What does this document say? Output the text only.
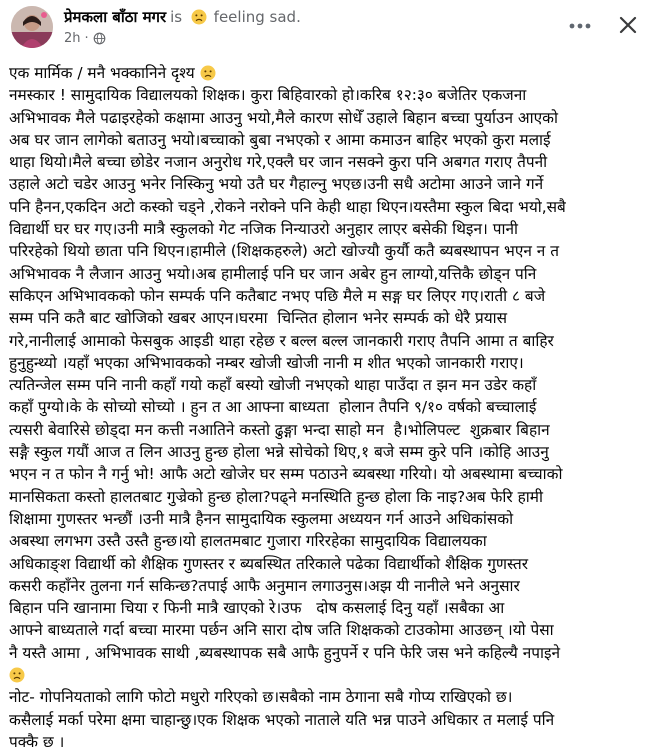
प्रेमकला बाँठा मगर is feeling sad.
2h ·
एक मार्मिक / मनै भक्कानिने दृश्य
नमस्कार ! सामुदायिक विद्यालयको शिक्षक। कुरा बिहिवारको हो।करिब १२:३० बजेतिर एकजना
अभिभावक मैले पढाइरहेको कक्षामा आउनु भयो,मैले कारण सोधेँ उहाले बिहान बच्चा पुर्याउन आएको
अब घर जान लागेको बताउनु भयो।बच्चाको बुबा नभएको र आमा कमाउन बाहिर भएको कुरा मलाई
थाहा थियो।मैले बच्चा छोडेर नजान अनुरोध गरे,एक्लै घर जान नसक्ने कुरा पनि अबगत गराए तैपनी
उहाले अटो चडेर आउनु भनेर निस्किनु भयो उतै घर गैहाल्नु भएछ।उनी सधै अटोमा आउने जाने गर्ने
पनि हैनन,एकदिन अटो कस्को चड्ने ,रोकने नरोक्ने पनि केही थाहा थिएन।यस्तैमा स्कुल बिदा भयो,सबै
विद्यार्थी घर घर गए।उनी मात्रै स्कुलको गेट नजिक निन्याउरो अनुहार लाएर बसेकी थिइन। पानी
परिरहेको थियो छाता पनि थिएन।हामीले (शिक्षकहरुले) अटो खोज्यौ कुर्यौ कतै ब्यबस्थापन भएन न त
अभिभावक नै लैजान आउनु भयो।अब हामीलाई पनि घर जान अबेर हुन लाग्यो,यत्तिकै छोड्न पनि
सकिएन अभिभावकको फोन सम्पर्क पनि कतैबाट नभए पछि मैले म सङ्ग घर लिएर गए।राती ८ बजे
सम्म पनि कतै बाट खोजिको खबर आएन।घरमा  चिन्तित होलान भनेर सम्पर्क को धेरै प्रयास
गरे,नानीलाई आमाको फेसबुक आइडी थाहा रहेछ र बल्ल बल्ल जानकारी गराए तैपनि आमा त बाहिर
हुनुहुन्थ्यो ।यहाँ भएका अभिभावकको नम्बर खोजी खोजी नानी म शीत भएको जानकारी गराए।
त्यतिन्जेल सम्म पनि नानी कहाँ गयो कहाँ बस्यो खोजी नभएको थाहा पाउँदा त झन मन उडेर कहाँ
कहाँ पुग्यो।के के सोच्यो सोच्यो । हुन त आ आफ्ना बाध्यता  होलान तैपनि ९/१० वर्षको बच्चालाई
त्यसरी बेवारिसे छोड्दा मन कत्ती नआतिने कस्तो ढुङ्गा भन्दा साहो मन  है।भोलिपल्ट  शुक्रबार बिहान
सङ्गै स्कुल गयौं आज त लिन आउनु हुन्छ होला भन्ने सोचेको थिए,१ बजे सम्म कुरे पनि ।कोहि आउनु
भएन न त फोन नै गर्नु भो! आफै अटो खोजेर घर सम्म पठाउने ब्यबस्था गरियो। यो अबस्थामा बच्चाको
मानसिकता कस्तो हालतबाट गुज्रेको हुन्छ होला?पढ्ने मनस्थिति हुन्छ होला कि नाइ?अब फेरि हामी
शिक्षामा गुणस्तर भन्छौं ।उनी मात्रै हैनन सामुदायिक स्कुलमा अध्ययन गर्न आउने अधिकांसको
अबस्था लगभग उस्तै उस्तै हुन्छ।यो हालतमबाट गुजारा गरिरहेका सामुदायिक विद्यालयका
अधिकाङ्श विद्यार्थी को शैक्षिक गुणस्तर र ब्यबस्थित तरिकाले पढेका विद्यार्थीको शैक्षिक गुणस्तर
कसरी कहाँनेर तुलना गर्न सकिन्छ?तपाई आफै अनुमान लगाउनुस।अझ यी नानीले भने अनुसार
बिहान पनि खानामा चिया र फिनी मात्रै खाएको रे।उफ   दोष कसलाई दिनु यहाँ ।सबैका आ
आफ्ने बाध्यताले गर्दा बच्चा मारमा पर्छन अनि सारा दोष जति शिक्षकको टाउकोमा आउछन् ।यो पेसा
नै यस्तै आमा , अभिभावक साथी ,ब्यबस्थापक सबै आफै हुनुपर्ने र पनि फेरि जस भने कहिल्यै नपाइने
नोट- गोपनियताको लागि फोटो मधुरो गरिएको छ।सबैको नाम ठेगाना सबै गोप्य राखिएको छ।
कसैलाई मर्का परेमा क्षमा चाहान्छु।एक शिक्षक भएको नाताले यति भन्न पाउने अधिकार त मलाई पनि
पक्कै छ ।
